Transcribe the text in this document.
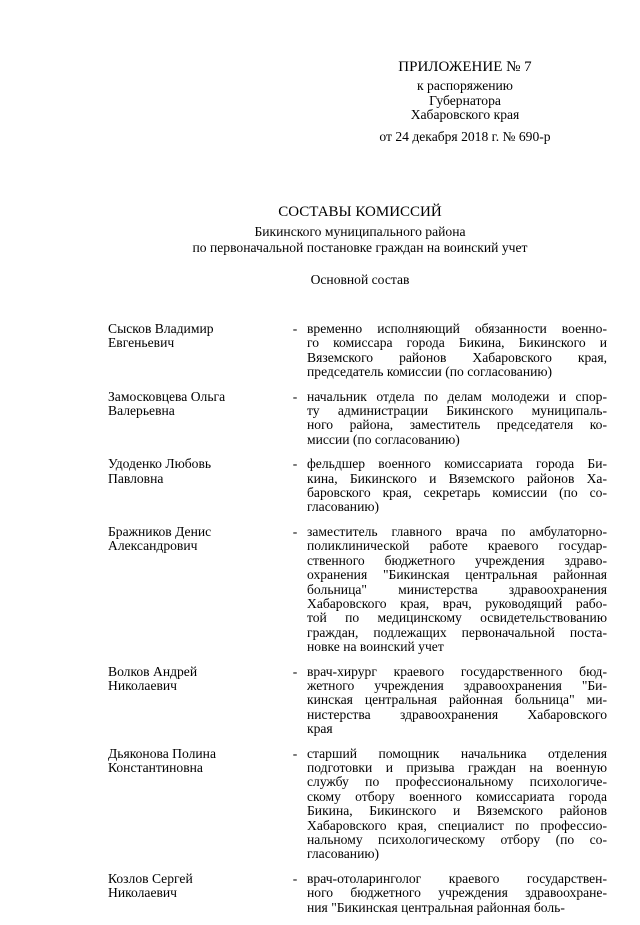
ПРИЛОЖЕНИЕ № 7
к распоряжению
Губернатора
Хабаровского края
от 24 декабря 2018 г. № 690-р
СОСТАВЫ КОМИССИЙ
Бикинского муниципального района
по первоначальной постановке граждан на воинский учет
Основной состав
Сысков Владимир
Евгеньевич
- временно исполняющий обязанности военно-
го комиссара города Бикина, Бикинского и
Вяземского районов Хабаровского края,
председатель комиссии (по согласованию)
Замосковцева Ольга
Валерьевна
- начальник отдела по делам молодежи и спор-
ту администрации Бикинского муниципаль-
ного района, заместитель председателя ко-
миссии (по согласованию)
Удоденко Любовь
Павловна
- фельдшер военного комиссариата города Би-
кина, Бикинского и Вяземского районов Ха-
баровского края, секретарь комиссии (по со-
гласованию)
Бражников Денис
Александрович
- заместитель главного врача по амбулаторно-
поликлинической работе краевого государ-
ственного бюджетного учреждения здраво-
охранения "Бикинская центральная районная
больница" министерства здравоохранения
Хабаровского края, врач, руководящий рабо-
той по медицинскому освидетельствованию
граждан, подлежащих первоначальной поста-
новке на воинский учет
Волков Андрей
Николаевич
- врач-хирург краевого государственного бюд-
жетного учреждения здравоохранения "Би-
кинская центральная районная больница" ми-
нистерства здравоохранения Хабаровского
края
Дьяконова Полина
Константиновна
- старший помощник начальника отделения
подготовки и призыва граждан на военную
службу по профессиональному психологиче-
скому отбору военного комиссариата города
Бикина, Бикинского и Вяземского районов
Хабаровского края, специалист по профессио-
нальному психологическому отбору (по со-
гласованию)
Козлов Сергей
Николаевич
- врач-отоларинголог краевого государствен-
ного бюджетного учреждения здравоохране-
ния "Бикинская центральная районная боль-
